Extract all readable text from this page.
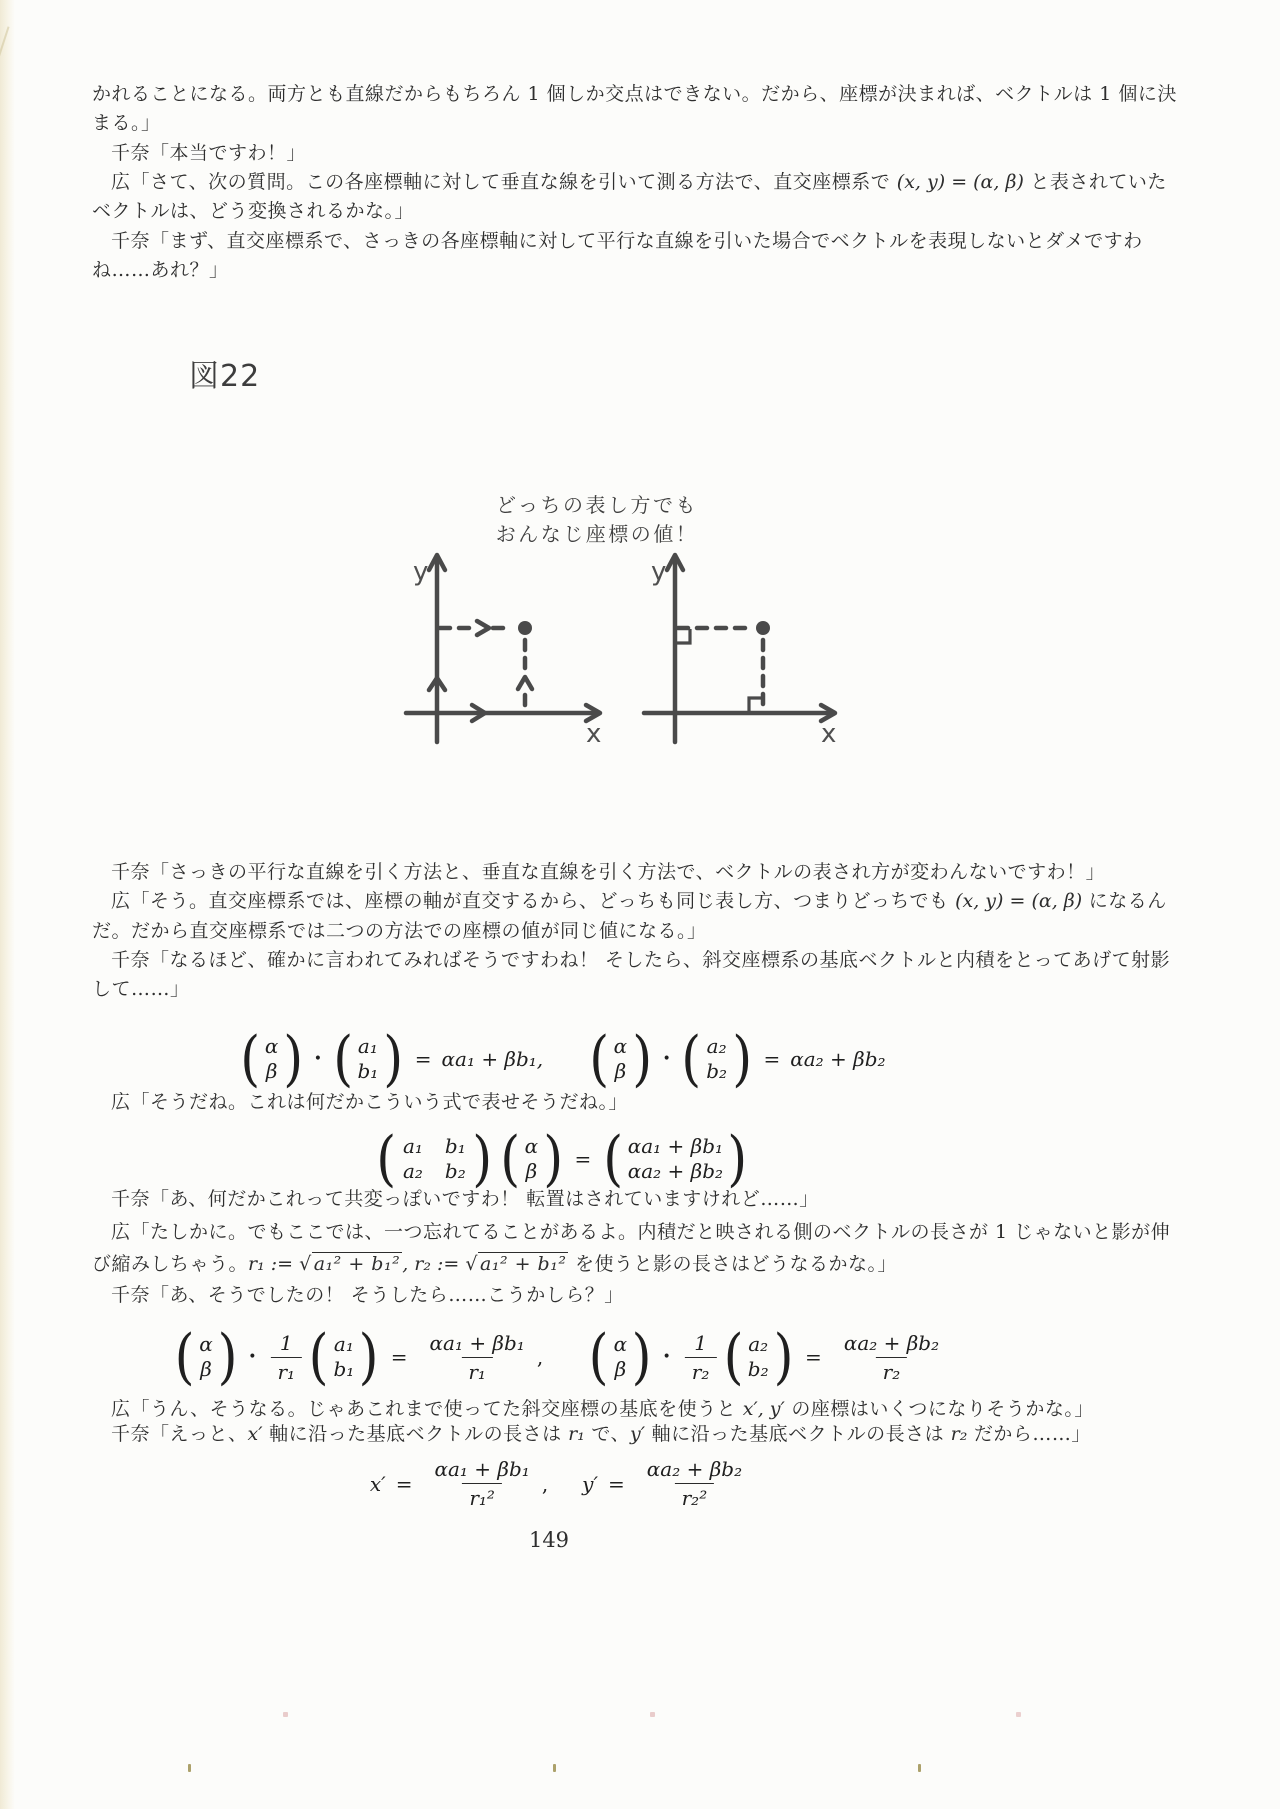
かれることになる。両方とも直線だからもちろん 1 個しか交点はできない。だから、座標が決まれば、ベクトルは 1 個に決
まる。」
千奈「本当ですわ！」
広「さて、次の質問。この各座標軸に対して垂直な線を引いて測る方法で、直交座標系で (x, y) = (α, β) と表されていた
ベクトルは、どう変換されるかな。」
千奈「まず、直交座標系で、さっきの各座標軸に対して平行な直線を引いた場合でベクトルを表現しないとダメですわ
ね……あれ？」
図22
どっちの表し方でも
おんなじ座標の値！
y
x
y
x
千奈「さっきの平行な直線を引く方法と、垂直な直線を引く方法で、ベクトルの表され方が変わんないですわ！」
広「そう。直交座標系では、座標の軸が直交するから、どっちも同じ表し方、つまりどっちでも (x, y) = (α, β) になるん
だ。だから直交座標系では二つの方法での座標の値が同じ値になる。」
千奈「なるほど、確かに言われてみればそうですわね！ そしたら、斜交座標系の基底ベクトルと内積をとってあげて射影
して……」
( α
β ) • ( a₁
b₁ ) = αa₁ + βb₁, ( α
β ) • ( a₂
b₂ ) = αa₂ + βb₂
広「そうだね。これは何だかこういう式で表せそうだね。」
( a₁ b₁
a₂ b₂ ) ( α
β ) = ( αa₁ + βb₁
αa₂ + βb₂ )
千奈「あ、何だかこれって共変っぽいですわ！ 転置はされていますけれど……」
広「たしかに。でもここでは、一つ忘れてることがあるよ。内積だと映される側のベクトルの長さが 1 じゃないと影が伸
び縮みしちゃう。r₁ := √ a₁² + b₁² , r₂ := √ a₁² + b₁² を使うと影の長さはどうなるかな。」
千奈「あ、そうでしたの！ そうしたら……こうかしら？」
( α
β ) • $\frac{1}{\text{r₁}}$ ( a₁
b₁ ) = $\frac{\text{αa₁ + βb₁}}{\text{r₁}}$ , ( α
β ) • $\frac{1}{\text{r₂}}$ ( a₂
b₂ ) = $\frac{\text{αa₂ + βb₂}}{\text{r₂}}$
広「うん、そうなる。じゃあこれまで使ってた斜交座標の基底を使うと x′, y′ の座標はいくつになりそうかな。」
千奈「えっと、x′ 軸に沿った基底ベクトルの長さは r₁ で、y′ 軸に沿った基底ベクトルの長さは r₂ だから……」
$x' = \frac{\text{αa₁ + βb₁}}{\text{r₁²}}$ , $y' = \frac{\text{αa₂ + βb₂}}{\text{r₂²}}$
149
